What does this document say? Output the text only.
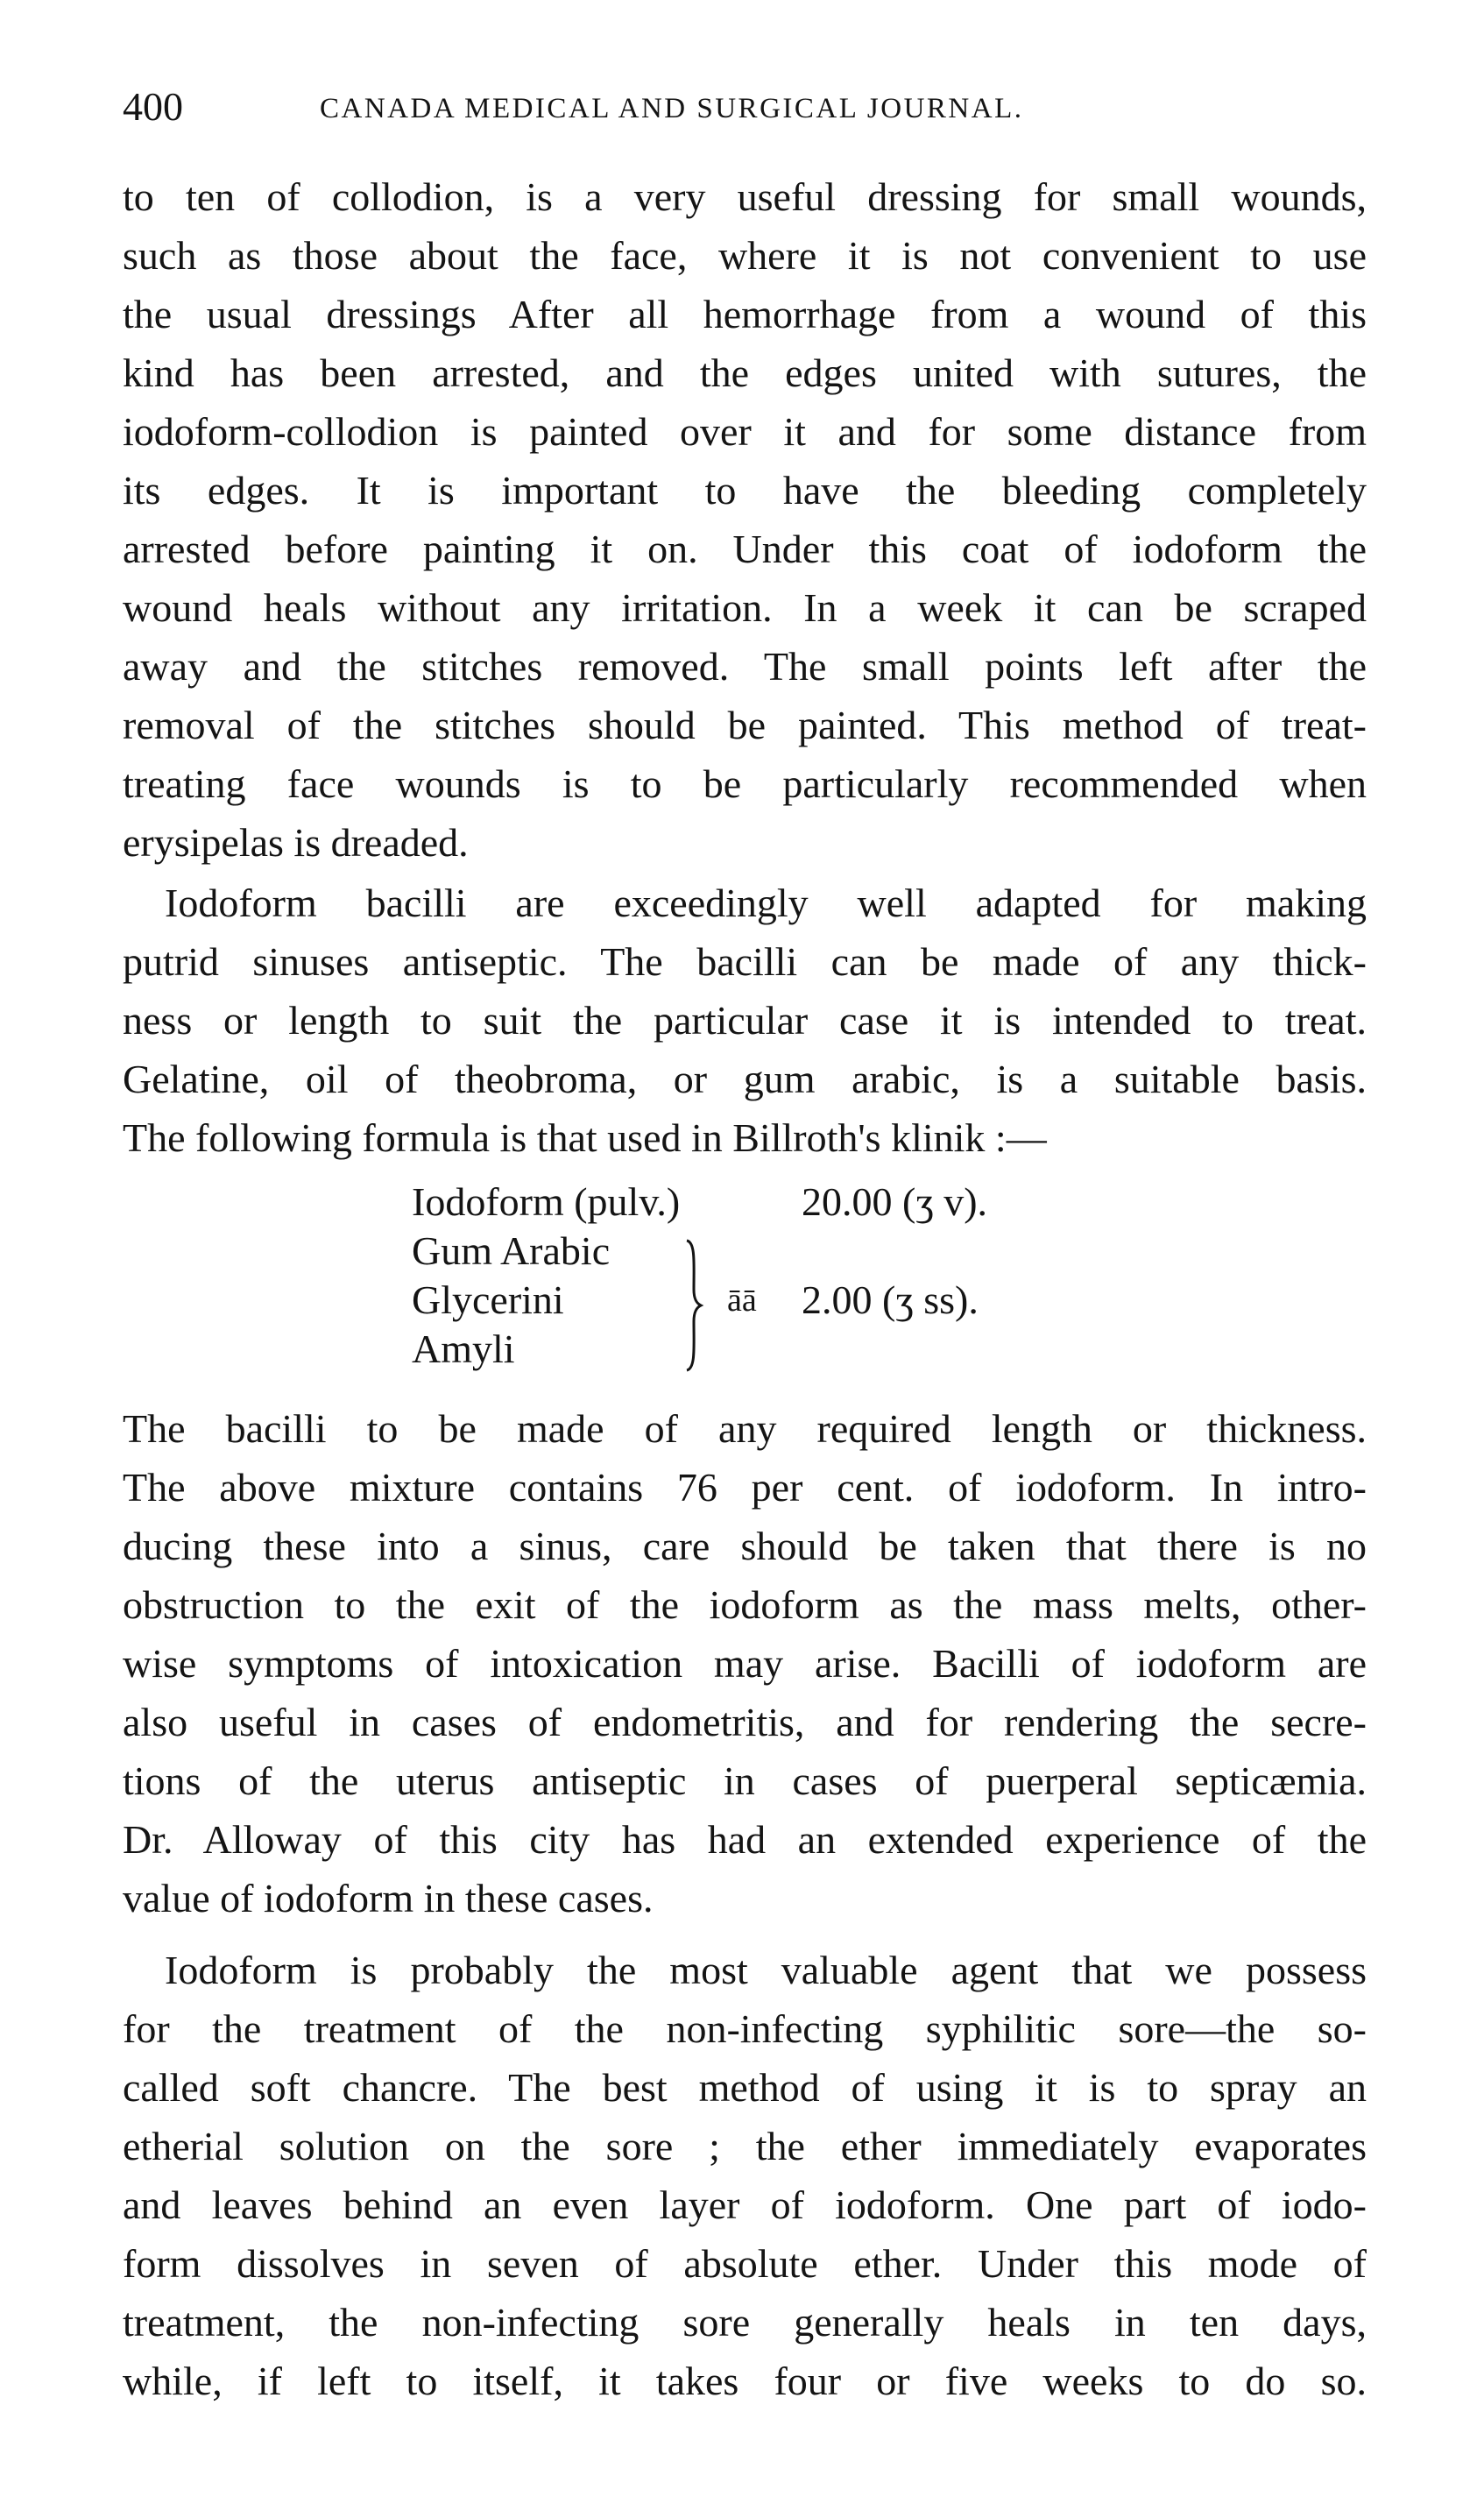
400	CANADA MEDICAL AND SURGICAL JOURNAL.
to ten of collodion, is a very useful dressing for small wounds,
such as those about the face, where it is not convenient to use
the usual dressings After all hemorrhage from a wound of this
kind has been arrested, and the edges united with sutures, the
iodoform-collodion is painted over it and for some distance from
its edges. It is important to have the bleeding completely
arrested before painting it on. Under this coat of iodoform the
wound heals without any irritation. In a week it can be scraped
away and the stitches removed. The small points left after the
removal of the stitches should be painted. This method of treat-
treating face wounds is to be particularly recommended when
erysipelas is dreaded.
Iodoform bacilli are exceedingly well adapted for making
putrid sinuses antiseptic. The bacilli can be made of any thick-
ness or length to suit the particular case it is intended to treat.
Gelatine, oil of theobroma, or gum arabic, is a suitable basis.
The following formula is that used in Billroth's klinik :—
Iodoform (pulv.)	20.00 (ʒ v).
Gum Arabic
Glycerini	āā 2.00 (ʒ ss).
Amyli
The bacilli to be made of any required length or thickness.
The above mixture contains 76 per cent. of iodoform. In intro-
ducing these into a sinus, care should be taken that there is no
obstruction to the exit of the iodoform as the mass melts, other-
wise symptoms of intoxication may arise. Bacilli of iodoform are
also useful in cases of endometritis, and for rendering the secre-
tions of the uterus antiseptic in cases of puerperal septicæmia.
Dr. Alloway of this city has had an extended experience of the
value of iodoform in these cases.
Iodoform is probably the most valuable agent that we possess
for the treatment of the non-infecting syphilitic sore—the so-
called soft chancre. The best method of using it is to spray an
etherial solution on the sore ; the ether immediately evaporates
and leaves behind an even layer of iodoform. One part of iodo-
form dissolves in seven of absolute ether. Under this mode of
treatment, the non-infecting sore generally heals in ten days,
while, if left to itself, it takes four or five weeks to do so.
